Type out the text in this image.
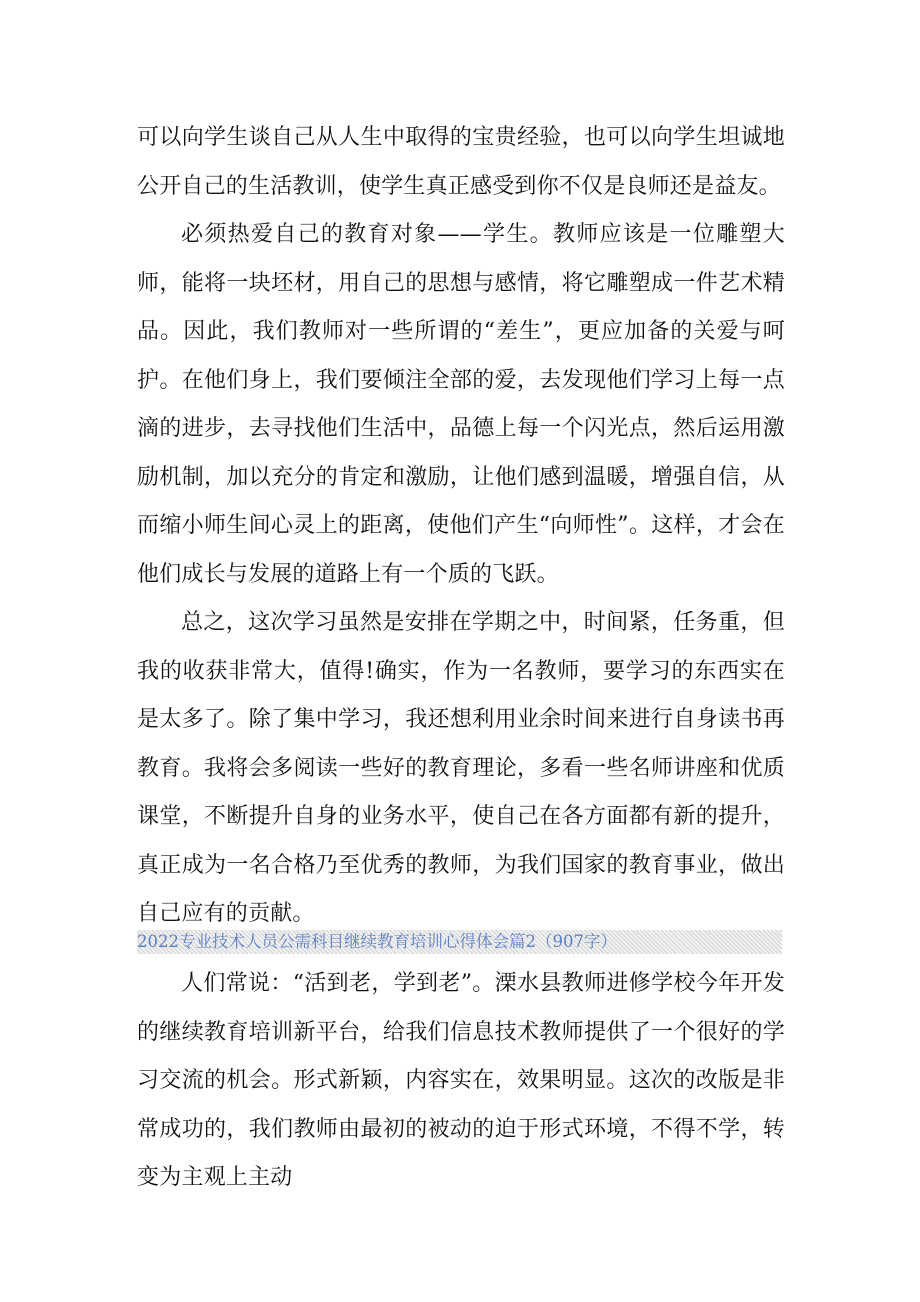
可以向学生谈自己从人生中取得的宝贵经验，也可以向学生坦诚地公开自己的生活教训，使学生真正感受到你不仅是良师还是益友。

必须热爱自己的教育对象——学生。教师应该是一位雕塑大师，能将一块坯材，用自己的思想与感情，将它雕塑成一件艺术精品。因此，我们教师对一些所谓的“差生”，更应加备的关爱与呵护。在他们身上，我们要倾注全部的爱，去发现他们学习上每一点滴的进步，去寻找他们生活中，品德上每一个闪光点，然后运用激励机制，加以充分的肯定和激励，让他们感到温暖，增强自信，从而缩小师生间心灵上的距离，使他们产生“向师性”。这样，才会在他们成长与发展的道路上有一个质的飞跃。

总之，这次学习虽然是安排在学期之中，时间紧，任务重，但我的收获非常大，值得!确实，作为一名教师，要学习的东西实在是太多了。除了集中学习，我还想利用业余时间来进行自身读书再教育。我将会多阅读一些好的教育理论，多看一些名师讲座和优质课堂，不断提升自身的业务水平，使自己在各方面都有新的提升，真正成为一名合格乃至优秀的教师，为我们国家的教育事业，做出自己应有的贡献。

2022专业技术人员公需科目继续教育培训心得体会篇2（907字）

人们常说：“活到老，学到老”。溧水县教师进修学校今年开发的继续教育培训新平台，给我们信息技术教师提供了一个很好的学习交流的机会。形式新颖，内容实在，效果明显。这次的改版是非常成功的，我们教师由最初的被动的迫于形式环境，不得不学，转变为主观上主动
